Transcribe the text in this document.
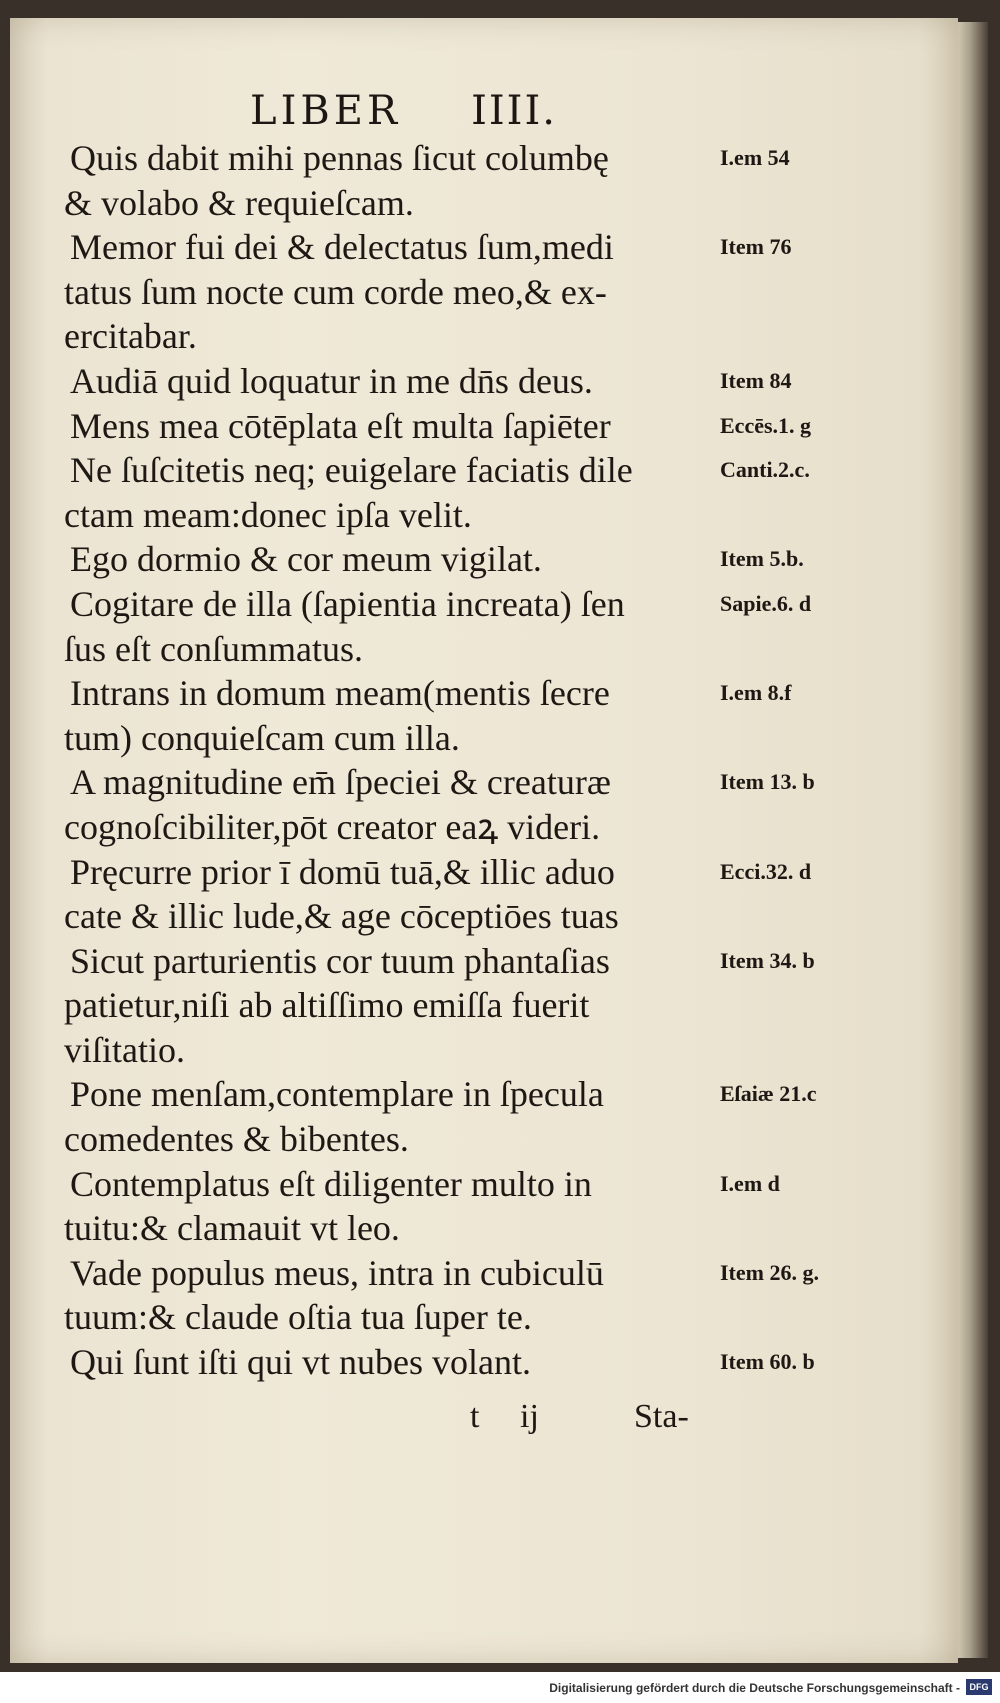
LIBER IIII.
Quis dabit mihi pennas ſicut columbę	I.em 54
& volabo & requieſcam.
Memor fui dei & delectatus ſum,medi	Item 76
tatus ſum nocte cum corde meo,& ex-
ercitabar.
Audiā quid loquatur in me dn̄s deus.	Item 84
Mens mea cōtēplata eſt multa ſapiēter	Eccēs.1. g
Ne ſuſcitetis neq; euigelare faciatis dile	Canti.2.c.
ctam meam:donec ipſa velit.
Ego dormio & cor meum vigilat.	Item 5.b.
Cogitare de illa (ſapientia increata) ſen	Sapie.6. d
ſus eſt conſummatus.
Intrans in domum meam(mentis ſecre	I.em 8.f
tum) conquieſcam cum illa.
A magnitudine em̄ ſpeciei & creaturæ	Item 13. b
cognoſcibiliter,pōt creator eaꝝ videri.
Pręcurre prior ī domū tuā,& illic aduo	Ecci.32. d
cate & illic lude,& age cōceptiōes tuas
Sicut parturientis cor tuum phantaſias	Item 34. b
patietur,niſi ab altiſſimo emiſſa fuerit
viſitatio.
Pone menſam,contemplare in ſpecula	Eſaiæ 21.c
comedentes & bibentes.
Contemplatus eſt diligenter multo in	I.em d
tuitu:& clamauit vt leo.
Vade populus meus, intra in cubiculū	Item 26. g.
tuum:& claude oſtia tua ſuper te.
Qui ſunt iſti qui vt nubes volant.	Item 60. b
t ij	Sta-
Digitalisierung gefördert durch die Deutsche Forschungsgemeinschaft -	DFG
